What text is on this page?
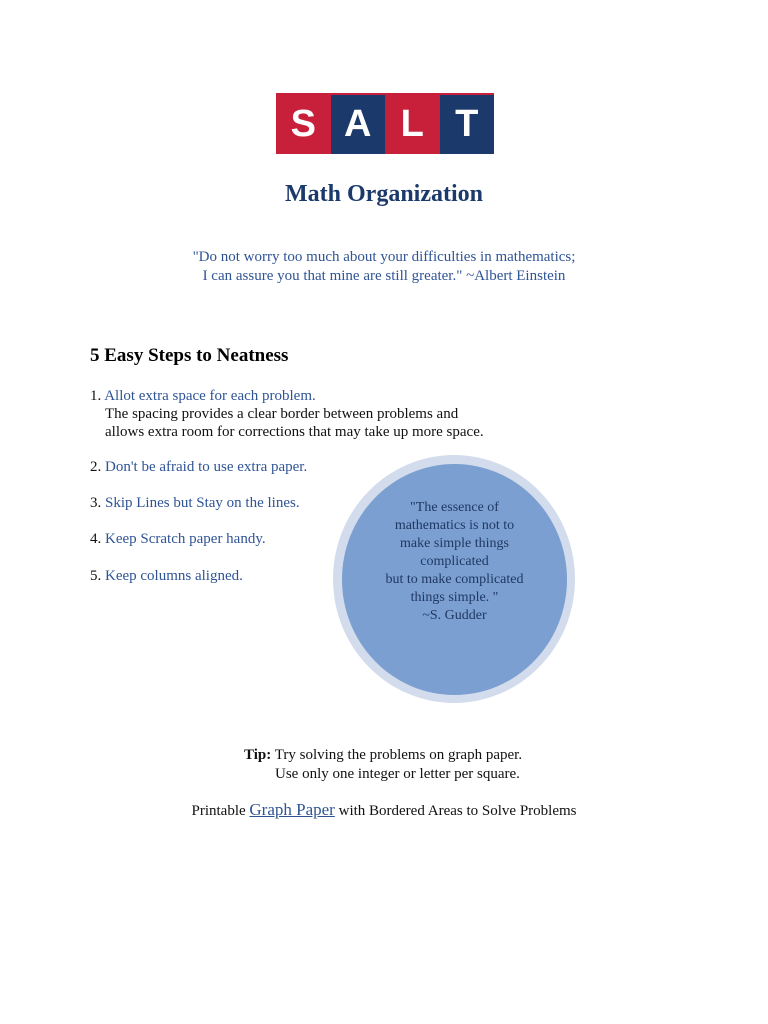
S A L T
Math Organization
"Do not worry too much about your difficulties in mathematics;
I can assure you that mine are still greater." ~Albert Einstein
5 Easy Steps to Neatness
1. Allot extra space for each problem.
The spacing provides a clear border between problems and
allows extra room for corrections that may take up more space.
2. Don't be afraid to use extra paper.
3. Skip Lines but Stay on the lines.
4. Keep Scratch paper handy.
5. Keep columns aligned.
"The essence of
mathematics is not to
make simple things
complicated
but to make complicated
things simple. "
~S. Gudder
Tip: Try solving the problems on graph paper.
Use only one integer or letter per square.
Printable Graph Paper with Bordered Areas to Solve Problems
